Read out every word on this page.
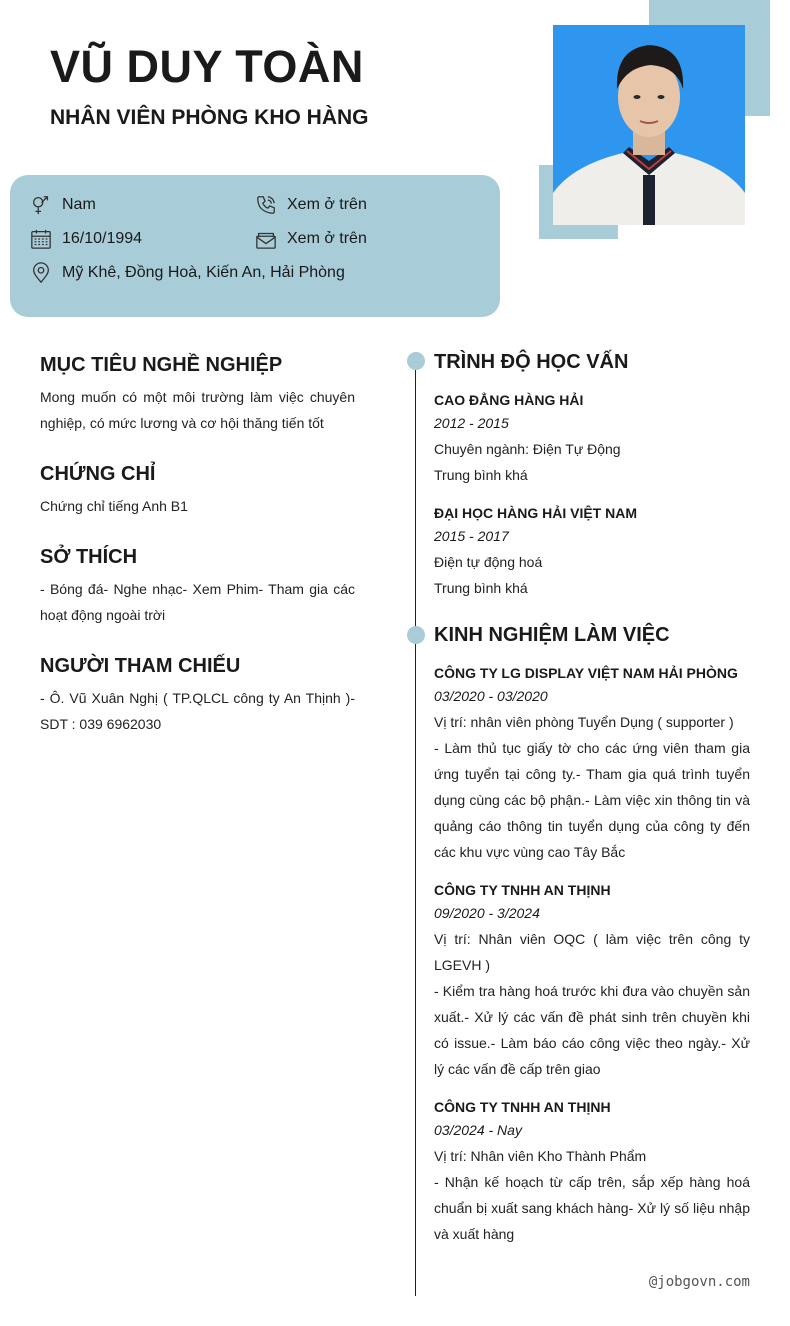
VŨ DUY TOÀN
NHÂN VIÊN PHÒNG KHO HÀNG
Nam
16/10/1994
Mỹ Khê, Đồng Hoà, Kiến An, Hải Phòng
Xem ở trên
Xem ở trên
MỤC TIÊU NGHỀ NGHIỆP
Mong muốn có một môi trường làm việc chuyên nghiệp, có mức lương và cơ hội thăng tiến tốt
CHỨNG CHỈ
Chứng chỉ tiếng Anh B1
SỞ THÍCH
- Bóng đá- Nghe nhạc- Xem Phim- Tham gia các hoạt động ngoài trời
NGƯỜI THAM CHIẾU
- Ô. Vũ Xuân Nghị ( TP.QLCL công ty An Thịnh )- SDT : 039 6962030
TRÌNH ĐỘ HỌC VẤN
CAO ĐẲNG HÀNG HẢI
2012 - 2015
Chuyên ngành: Điện Tự Động
Trung bình khá
ĐẠI HỌC HÀNG HẢI VIỆT NAM
2015 - 2017
Điện tự động hoá
Trung bình khá
KINH NGHIỆM LÀM VIỆC
CÔNG TY LG DISPLAY VIỆT NAM HẢI PHÒNG
03/2020 - 03/2020
Vị trí: nhân viên phòng Tuyển Dụng ( supporter )
- Làm thủ tục giấy tờ cho các ứng viên tham gia ứng tuyển tại công ty.- Tham gia quá trình tuyển dụng cùng các bộ phận.- Làm việc xin thông tin và quảng cáo thông tin tuyển dụng của công ty đến các khu vực vùng cao Tây Bắc
CÔNG TY TNHH AN THỊNH
09/2020 - 3/2024
Vị trí: Nhân viên OQC ( làm việc trên công ty LGEVH )
- Kiểm tra hàng hoá trước khi đưa vào chuyền sản xuất.- Xử lý các vấn đề phát sinh trên chuyền khi có issue.- Làm báo cáo công việc theo ngày.- Xử lý các vấn đề cấp trên giao
CÔNG TY TNHH AN THỊNH
03/2024 - Nay
Vị trí: Nhân viên Kho Thành Phẩm
- Nhận kế hoạch từ cấp trên, sắp xếp hàng hoá chuẩn bị xuất sang khách hàng- Xử lý số liệu nhập và xuất hàng
@jobgovn.com
